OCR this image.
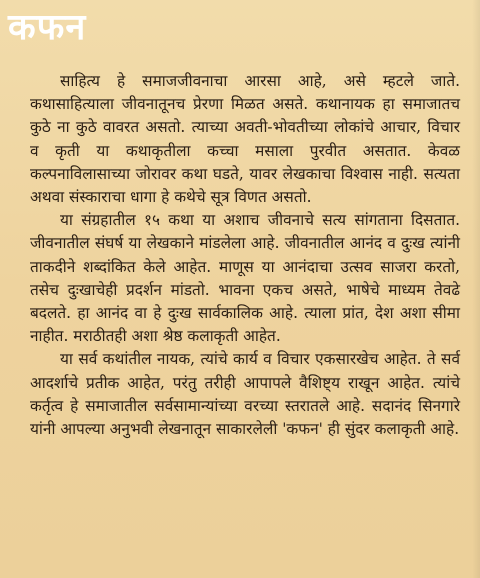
कफन

साहित्य हे समाजजीवनाचा आरसा आहे, असे म्हटले जाते. कथासाहित्याला जीवनातूनच प्रेरणा मिळत असते. कथानायक हा समाजातच कुठे ना कुठे वावरत असतो. त्याच्या अवती-भोवतीच्या लोकांचे आचार, विचार व कृती या कथाकृतीला कच्चा मसाला पुरवीत असतात. केवळ कल्पनाविलासाच्या जोरावर कथा घडते, यावर लेखकाचा विश्वास नाही. सत्यता अथवा संस्काराचा धागा हे कथेचे सूत्र विणत असतो.

या संग्रहातील १५ कथा या अशाच जीवनाचे सत्य सांगताना दिसतात. जीवनातील संघर्ष या लेखकाने मांडलेला आहे. जीवनातील आनंद व दुःख त्यांनी ताकदीने शब्दांकित केले आहेत. माणूस या आनंदाचा उत्सव साजरा करतो, तसेच दुःखाचेही प्रदर्शन मांडतो. भावना एकच असते, भाषेचे माध्यम तेवढे बदलते. हा आनंद वा हे दुःख सार्वकालिक आहे. त्याला प्रांत, देश अशा सीमा नाहीत. मराठीतही अशा श्रेष्ठ कलाकृती आहेत.

या सर्व कथांतील नायक, त्यांचे कार्य व विचार एकसारखेच आहेत. ते सर्व आदर्शाचे प्रतीक आहेत, परंतु तरीही आपापले वैशिष्ट्य राखून आहेत. त्यांचे कर्तृत्व हे समाजातील सर्वसामान्यांच्या वरच्या स्तरातले आहे. सदानंद सिनगारे यांनी आपल्या अनुभवी लेखनातून साकारलेली 'कफन' ही सुंदर कलाकृती आहे.
